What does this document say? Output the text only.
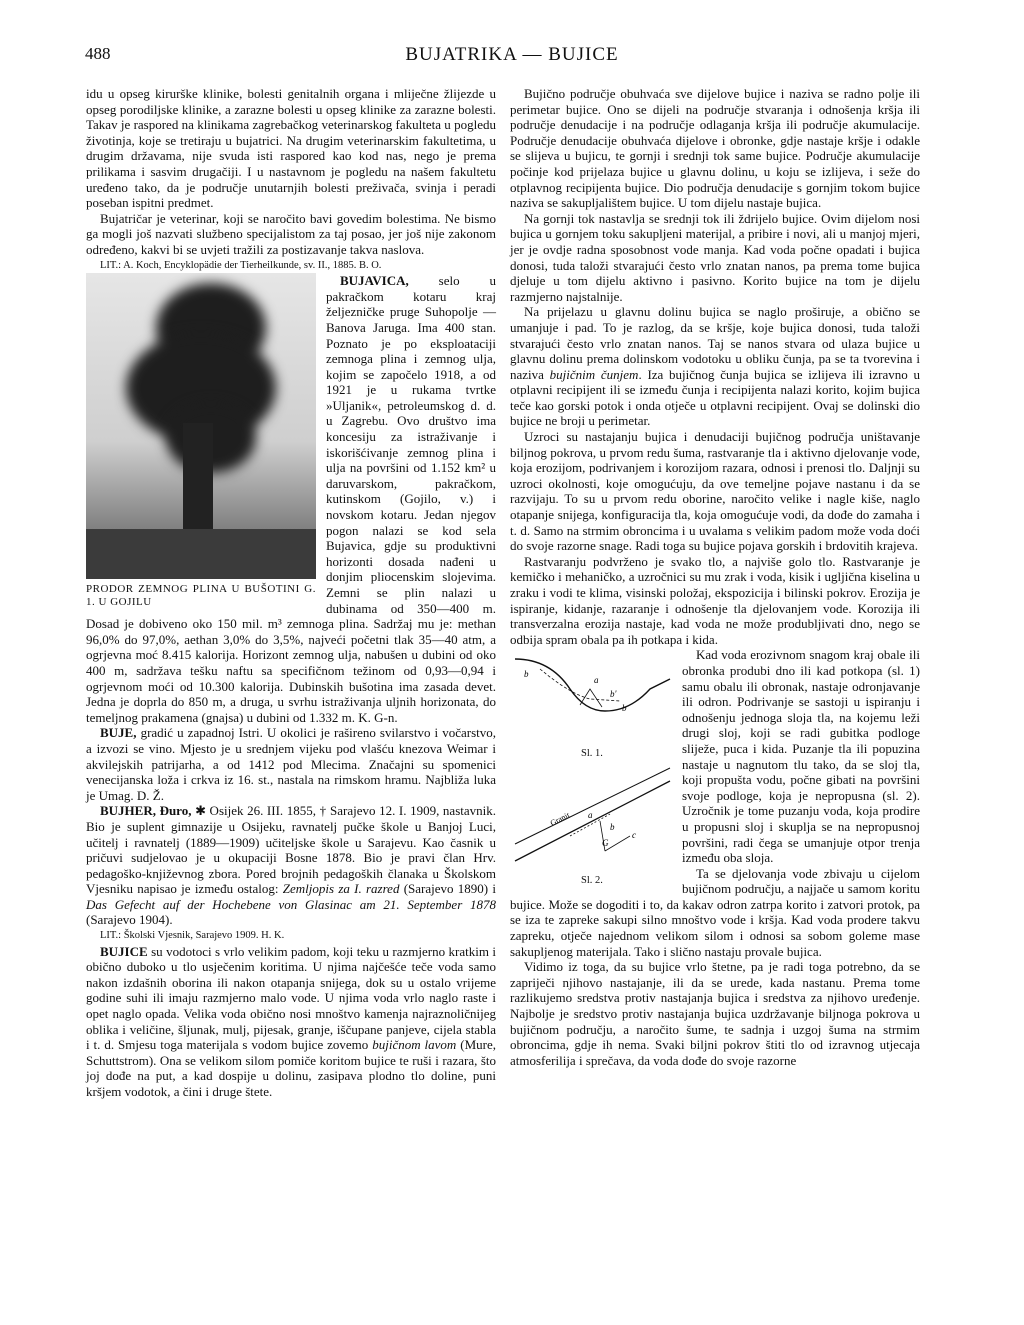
488	BUJATRIKA — BUJICE

idu u opseg kirurške klinike, bolesti genitalnih organa i mliječne žlijezde u opseg porodiljske klinike, a zarazne bolesti u opseg klinike za zarazne bolesti. Takav je raspored na klinikama zagrebačkog veterinarskog fakulteta u pogledu životinja, koje se tretiraju u bujatrici. Na drugim veterinarskim fakultetima, u drugim državama, nije svuda isti raspored kao kod nas, nego je prema prilikama i sasvim drugačiji. I u nastavnom je pogledu na našem fakultetu uređeno tako, da je područje unutarnjih bolesti preživača, svinja i peradi poseban ispitni predmet.

Bujatričar je veterinar, koji se naročito bavi govedim bolestima. Ne bismo ga mogli još nazvati službeno specijalistom za taj posao, jer još nije zakonom određeno, kakvi bi se uvjeti tražili za postizavanje takva naslova.

LIT.: A. Koch, Encyklopädie der Tierheilkunde, sv. II., 1885. B. O.

PRODOR ZEMNOG PLINA U BUŠOTINI G. 1. U GOJILU

BUJAVICA, selo u pakračkom kotaru kraj željezničke pruge Suhopolje — Banova Jaruga. Ima 400 stan. Poznato je po eksploataciji zemnoga plina i zemnog ulja, kojim se započelo 1918, a od 1921 je u rukama tvrtke »Uljanik«, petroleumskog d. d. u Zagrebu. Ovo društvo ima koncesiju za istraživanje i iskorišćivanje zemnog plina i ulja na površini od 1.152 km² u daruvarskom, pakračkom, kutinskom (Gojilo, v.) i novskom kotaru. Jedan njegov pogon nalazi se kod sela Bujavica, gdje su produktivni horizonti dosada nađeni u donjim pliocenskim slojevima. Zemni se plin nalazi u dubinama od 350—400 m. Dosad je dobiveno oko 150 mil. m³ zemnoga plina. Sadržaj mu je: methan 96,0% do 97,0%, aethan 3,0% do 3,5%, najveći početni tlak 35—40 atm, a ogrjevna moć 8.415 kalorija. Horizont zemnog ulja, nabušen u dubini od oko 400 m, sadržava tešku naftu sa specifičnom težinom od 0,93—0,94 i ogrjevnom moći od 10.300 kalorija. Dubinskih bušotina ima zasada devet. Jedna je doprla do 850 m, a druga, u svrhu istraživanja uljnih horizonata, do temeljnog prakamena (gnajsa) u dubini od 1.332 m. K. G-n.

BUJE, gradić u zapadnoj Istri. U okolici je rašireno svilarstvo i vočarstvo, a izvozi se vino. Mjesto je u srednjem vijeku pod vlašću knezova Weimar i akvilejskih patrijarha, a od 1412 pod Mlecima. Značajni su spomenici venecijanska loža i crkva iz 16. st., nastala na rimskom hramu. Najbliža luka je Umag. D. Ž.

BUJHER, Đuro, ✱ Osijek 26. III. 1855, † Sarajevo 12. I. 1909, nastavnik. Bio je suplent gimnazije u Osijeku, ravnatelj pučke škole u Banjoj Luci, učitelj i ravnatelj (1889—1909) učiteljske škole u Sarajevu. Kao časnik u pričuvi sudjelovao je u okupaciji Bosne 1878. Bio je pravi član Hrv. pedagoško-književnog zbora. Pored brojnih pedagoških članaka u Školskom Vjesniku napisao je između ostalog: Zemljopis za I. razred (Sarajevo 1890) i Das Gefecht auf der Hochebene von Glasinac am 21. September 1878 (Sarajevo 1904).

LIT.: Školski Vjesnik, Sarajevo 1909. H. K.

BUJICE su vodotoci s vrlo velikim padom, koji teku u razmjerno kratkim i obično duboko u tlo usječenim koritima. U njima najčešće teče voda samo nakon izdašnih oborina ili nakon otapanja snijega, dok su u ostalo vrijeme godine suhi ili imaju razmjerno malo vode. U njima voda vrlo naglo raste i opet naglo opada. Velika voda obično nosi mnoštvo kamenja najraznoličnijeg oblika i veličine, šljunak, mulj, pijesak, granje, iščupane panjeve, cijela stabla i t. d. Smjesu toga materijala s vodom bujice zovemo bujičnom lavom (Mure, Schuttstrom). Ona se velikom silom pomiče koritom bujice te ruši i razara, što joj dođe na put, a kad dospije u dolinu, zasipava plodno tlo doline, puni kršjem vodotok, a čini i druge štete.

Bujično područje obuhvaća sve dijelove bujice i naziva se radno polje ili perimetar bujice. Ono se dijeli na područje stvaranja i odnošenja kršja ili područje denudacije i na područje odlaganja kršja ili područje akumulacije. Područje denudacije obuhvaća dijelove i obronke, gdje nastaje kršje i odakle se slijeva u bujicu, te gornji i srednji tok same bujice. Područje akumulacije počinje kod prijelaza bujice u glavnu dolinu, u koju se izlijeva, i seže do otplavnog recipijenta bujice. Dio područja denudacije s gornjim tokom bujice naziva se sakupljalištem bujice. U tom dijelu nastaje bujica.

Na gornji tok nastavlja se srednji tok ili ždrijelo bujice. Ovim dijelom nosi bujica u gornjem toku sakupljeni materijal, a pribire i novi, ali u manjoj mjeri, jer je ovdje radna sposobnost vode manja. Kad voda počne opadati i bujica donosi, tuda taloži stvarajući često vrlo znatan nanos, pa prema tome bujica djeluje u tom dijelu aktivno i pasivno. Korito bujice na tom je dijelu razmjerno najstalnije.

Na prijelazu u glavnu dolinu bujica se naglo proširuje, a obično se umanjuje i pad. To je razlog, da se kršje, koje bujica donosi, tuda taloži stvarajući često vrlo znatan nanos. Taj se nanos stvara od ulaza bujice u glavnu dolinu prema dolinskom vodotoku u obliku čunja, pa se ta tvorevina i naziva bujičnim čunjem. Iza bujičnog čunja bujica se izlijeva ili izravno u otplavni recipijent ili se između čunja i recipijenta nalazi korito, kojim bujica teče kao gorski potok i onda otječe u otplavni recipijent. Ovaj se dolinski dio bujice ne broji u perimetar.

Uzroci su nastajanju bujica i denudaciji bujičnog područja uništavanje biljnog pokrova, u prvom redu šuma, rastvaranje tla i aktivno djelovanje vode, koja erozijom, podrivanjem i korozijom razara, odnosi i prenosi tlo. Daljnji su uzroci okolnosti, koje omogućuju, da ove temeljne pojave nastanu i da se razvijaju. To su u prvom redu oborine, naročito velike i nagle kiše, naglo otapanje snijega, konfiguracija tla, koja omogućuje vodi, da dođe do zamaha i t. d. Samo na strmim obroncima i u uvalama s velikim padom može voda doći do svoje razorne snage. Radi toga su bujice pojava gorskih i brdovitih krajeva.

Rastvaranju podvrženo je svako tlo, a najviše golo tlo. Rastvaranje je kemičko i mehaničko, a uzročnici su mu zrak i voda, kisik i ugljična kiselina u zraku i vodi te klima, visinski položaj, ekspozicija i bilinski pokrov. Erozija je ispiranje, kidanje, razaranje i odnošenje tla djelovanjem vode. Korozija ili transverzalna erozija nastaje, kad voda ne može produbljivati dno, nego se odbija spram obala pa ih potkapa i kida.

b
a
b'
b
Sl. 1.
Granit a
b
G
c
Sl. 2.

Kad voda erozivnom snagom kraj obale ili obronka produbi dno ili kad potkopa (sl. 1) samu obalu ili obronak, nastaje odronjavanje ili odron. Podrivanje se sastoji u ispiranju i odnošenju jednoga sloja tla, na kojemu leži drugi sloj, koji se radi gubitka podloge sliježe, puca i kida. Puzanje tla ili popuzina nastaje u nagnutom tlu tako, da se sloj tla, koji propušta vodu, počne gibati na površini svoje podloge, koja je nepropusna (sl. 2). Uzročnik je tome puzanju voda, koja prodire u propusni sloj i skupljа se na nepropusnoj površini, radi čega se umanjuje otpor trenja između oba sloja.

Ta se djelovanja vode zbivaju u cijelom bujičnom području, a najjače u samom koritu bujice. Može se dogoditi i to, da kakav odron zatrpa korito i zatvori protok, pa se iza te zapreke sakupi silno mnoštvo vode i kršja. Kad voda prodere takvu zapreku, otječe najednom velikom silom i odnosi sa sobom goleme mase sakupljenog materijala. Tako i slično nastaju provale bujica.

Vidimo iz toga, da su bujice vrlo štetne, pa je radi toga potrebno, da se zapriječi njihovo nastajanje, ili da se urede, kada nastanu. Prema tome razlikujemo sredstva protiv nastajanja bujica i sredstva za njihovo uređenje. Najbolje je sredstvo protiv nastajanja bujica uzdržavanje biljnoga pokrova u bujičnom području, a naročito šume, te sadnja i uzgoj šuma na strmim obroncima, gdje ih nema. Svaki biljni pokrov štiti tlo od izravnog utjecaja atmosferilija i sprečava, da voda dođe do svoje razorne
